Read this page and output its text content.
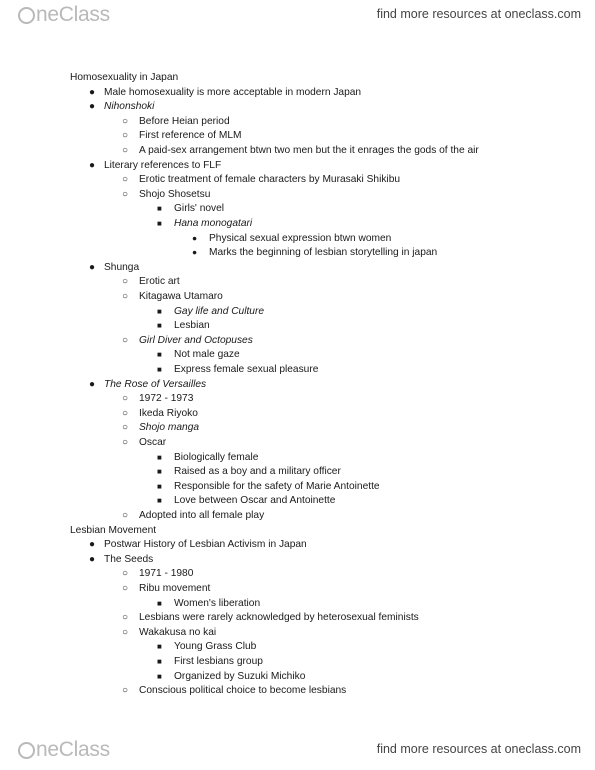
neClass	find more resources at oneclass.com
Homosexuality in Japan
● Male homosexuality is more acceptable in modern Japan
● Nihonshoki
○ Before Heian period
○ First reference of MLM
○ A paid-sex arrangement btwn two men but the it enrages the gods of the air
● Literary references to FLF
○ Erotic treatment of female characters by Murasaki Shikibu
○ Shojo Shosetsu
■ Girls' novel
■ Hana monogatari
● Physical sexual expression btwn women
● Marks the beginning of lesbian storytelling in japan
● Shunga
○ Erotic art
○ Kitagawa Utamaro
■ Gay life and Culture
■ Lesbian
○ Girl Diver and Octopuses
■ Not male gaze
■ Express female sexual pleasure
● The Rose of Versailles
○ 1972 - 1973
○ Ikeda Riyoko
○ Shojo manga
○ Oscar
■ Biologically female
■ Raised as a boy and a military officer
■ Responsible for the safety of Marie Antoinette
■ Love between Oscar and Antoinette
○ Adopted into all female play
Lesbian Movement
● Postwar History of Lesbian Activism in Japan
● The Seeds
○ 1971 - 1980
○ Ribu movement
■ Women's liberation
○ Lesbians were rarely acknowledged by heterosexual feminists
○ Wakakusa no kai
■ Young Grass Club
■ First lesbians group
■ Organized by Suzuki Michiko
○ Conscious political choice to become lesbians
neClass	find more resources at oneclass.com
